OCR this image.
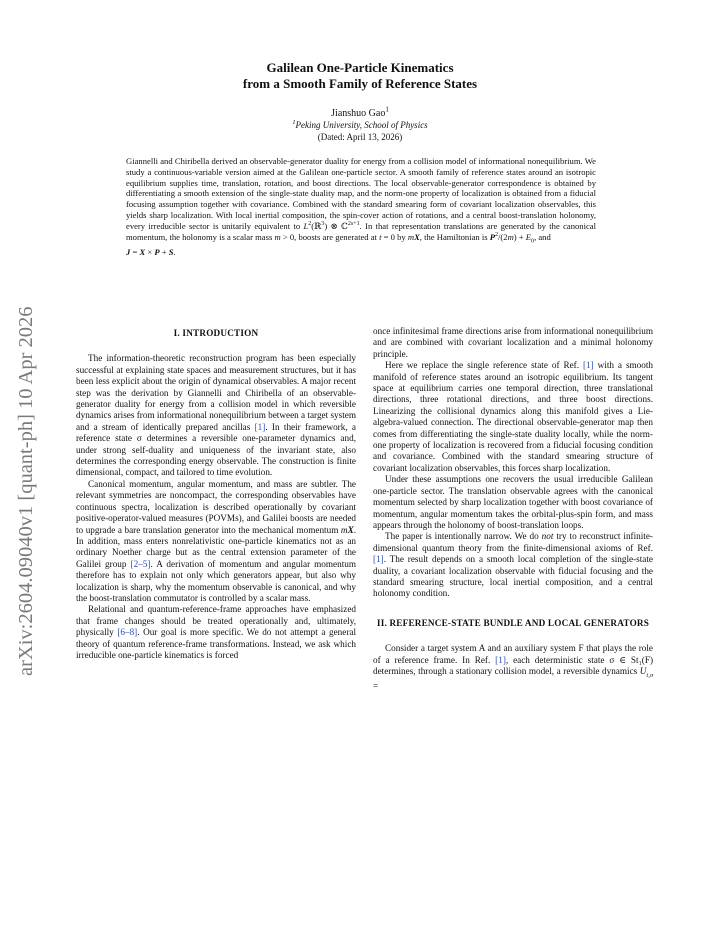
arXiv:2604.09040v1 [quant-ph] 10 Apr 2026
Galilean One-Particle Kinematics
from a Smooth Family of Reference States
Jianshuo Gao$^1$
$^1$Peking University, School of Physics
(Dated: April 13, 2026)
Giannelli and Chiribella derived an observable-generator duality for energy from a collision model of informational nonequilibrium. We study a continuous-variable version aimed at the Galilean one-particle sector. A smooth family of reference states around an isotropic equilibrium supplies time, translation, rotation, and boost directions. The local observable-generator correspondence is obtained by differentiating a smooth extension of the single-state duality map, and the norm-one property of localization is obtained from a fiducial focusing assumption together with covariance. Combined with the standard smearing form of covariant localization observables, this yields sharp localization. With local inertial composition, the spin-cover action of rotations, and a central boost-translation holonomy, every irreducible sector is unitarily equivalent to $L^2(ℝ^3)$ ⊗ ℂ$^{2s+1}$. In that representation translations are generated by the canonical momentum, the holonomy is a scalar mass m > 0, boosts are generated at t = 0 by mX, the Hamiltonian is $P^2/(2m) + E_0$, and
J = X × P + S.
I. INTRODUCTION

The information-theoretic reconstruction program has been especially successful at explaining state spaces and measurement structures, but it has been less explicit about the origin of dynamical observables. A major recent step was the derivation by Giannelli and Chiribella of an observable-generator duality for energy from a collision model in which reversible dynamics arises from informational nonequilibrium between a target system and a stream of identically prepared ancillas [1]. In their framework, a reference state σ determines a reversible one-parameter dynamics and, under strong self-duality and uniqueness of the invariant state, also determines the corresponding energy observable. The construction is finite dimensional, compact, and tailored to time evolution.

Canonical momentum, angular momentum, and mass are subtler. The relevant symmetries are noncompact, the corresponding observables have continuous spectra, localization is described operationally by covariant positive-operator-valued measures (POVMs), and Galilei boosts are needed to upgrade a bare translation generator into the mechanical momentum mX. In addition, mass enters nonrelativistic one-particle kinematics not as an ordinary Noether charge but as the central extension parameter of the Galilei group [2–5]. A derivation of momentum and angular momentum therefore has to explain not only which generators appear, but also why localization is sharp, why the momentum observable is canonical, and why the boost-translation commutator is controlled by a scalar mass.

Relational and quantum-reference-frame approaches have emphasized that frame changes should be treated operationally and, ultimately, physically [6–8]. Our goal is more specific. We do not attempt a general theory of quantum reference-frame transformations. Instead, we ask which irreducible one-particle kinematics is forced

once infinitesimal frame directions arise from informational nonequilibrium and are combined with covariant localization and a minimal holonomy principle.

Here we replace the single reference state of Ref. [1] with a smooth manifold of reference states around an isotropic equilibrium. Its tangent space at equilibrium carries one temporal direction, three translational directions, three rotational directions, and three boost directions. Linearizing the collisional dynamics along this manifold gives a Lie-algebra-valued connection. The directional observable-generator map then comes from differentiating the single-state duality locally, while the norm-one property of localization is recovered from a fiducial focusing condition and covariance. Combined with the standard smearing structure of covariant localization observables, this forces sharp localization.

Under these assumptions one recovers the usual irreducible Galilean one-particle sector. The translation observable agrees with the canonical momentum selected by sharp localization together with boost covariance of momentum, angular momentum takes the orbital-plus-spin form, and mass appears through the holonomy of boost-translation loops.

The paper is intentionally narrow. We do not try to reconstruct infinite-dimensional quantum theory from the finite-dimensional axioms of Ref. [1]. The result depends on a smooth local completion of the single-state duality, a covariant localization observable with fiducial focusing and the standard smearing structure, local inertial composition, and a central holonomy condition.

II. REFERENCE-STATE BUNDLE AND LOCAL GENERATORS

Consider a target system A and an auxiliary system F that plays the role of a reference frame. In Ref. [1], each deterministic state σ ∈ St₁(F) determines, through a stationary collision model, a reversible dynamics $U_{t,\sigma}$ =
